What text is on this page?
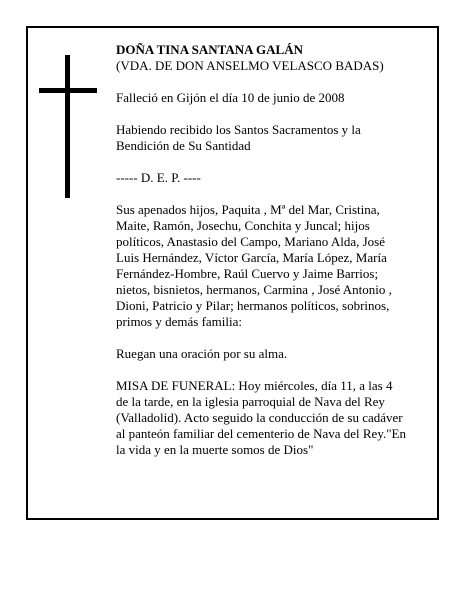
DOÑA TINA SANTANA GALÁN

(VDA. DE DON ANSELMO VELASCO BADAS)

Falleció en Gijón el día 10 de junio de 2008

Habiendo recibido los Santos Sacramentos y la
Bendición de Su Santidad

----- D. E. P. ----

Sus apenados hijos, Paquita , Mª del Mar, Cristina,
Maite, Ramón, Josechu, Conchita y Juncal; hijos
políticos, Anastasio del Campo, Mariano Alda, José
Luis Hernández, Víctor García, María López, María
Fernández-Hombre, Raúl Cuervo y Jaime Barrios;
nietos, bisnietos, hermanos, Carmina , José Antonio ,
Dioni, Patricio y Pilar; hermanos políticos, sobrinos,
primos y demás familia:

Ruegan una oración por su alma.

MISA DE FUNERAL: Hoy miércoles, día 11, a las 4
de la tarde, en la iglesia parroquial de Nava del Rey
(Valladolid). Acto seguido la conducción de su cadáver
al panteón familiar del cementerio de Nava del Rey."En
la vida y en la muerte somos de Dios"
